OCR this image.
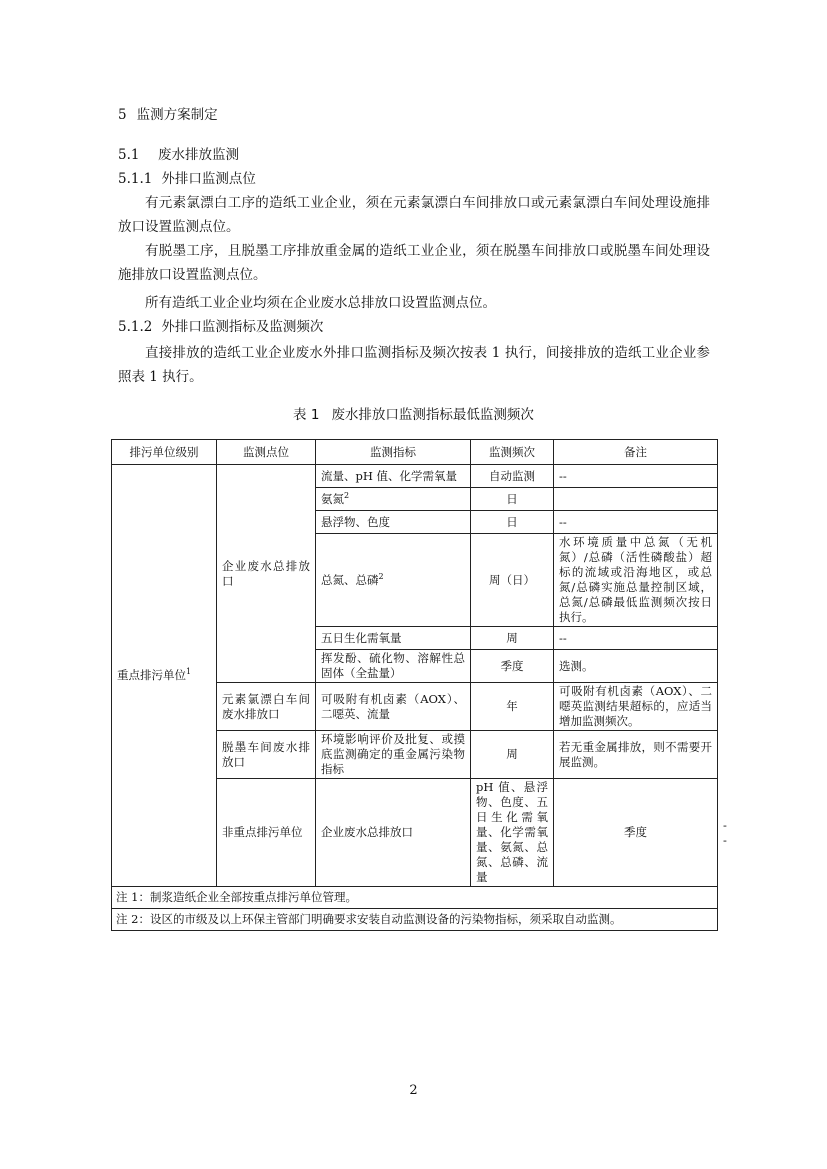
5 监测方案制定
5.1 废水排放监测
5.1.1 外排口监测点位
有元素氯漂白工序的造纸工业企业，须在元素氯漂白车间排放口或元素氯漂白车间处理设施排放口设置监测点位。
有脱墨工序，且脱墨工序排放重金属的造纸工业企业，须在脱墨车间排放口或脱墨车间处理设施排放口设置监测点位。
所有造纸工业企业均须在企业废水总排放口设置监测点位。
5.1.2 外排口监测指标及监测频次
直接排放的造纸工业企业废水外排口监测指标及频次按表 1 执行，间接排放的造纸工业企业参照表 1 执行。
表 1 废水排放口监测指标最低监测频次
排污单位级别	监测点位	监测指标	监测频次	备注	
重点排污单位$^1$	企业废水总排放口	流量、pH 值、化学需氧量	自动监测	--	
		氨氮$^2$	日		
		悬浮物、色度	日	--	
		总氮、总磷$^2$	周（日）	水环境质量中总氮（无机氮）/总磷（活性磷酸盐）超标的流域或沿海地区，或总氮/总磷实施总量控制区域，总氮/总磷最低监测频次按日执行。	
		五日生化需氧量	周	--	
		挥发酚、硫化物、溶解性总固体（全盐量）	季度	选测。	
	元素氯漂白车间废水排放口	可吸附有机卤素（AOX）、二噁英、流量	年	可吸附有机卤素（AOX）、二噁英监测结果超标的，应适当增加监测频次。	
	脱墨车间废水排放口	环境影响评价及批复、或摸底监测确定的重金属污染物指标	周	若无重金属排放，则不需要开展监测。	
	非重点排污单位	企业废水总排放口	pH 值、悬浮物、色度、五日生化需氧量、化学需氧量、氨氮、总氮、总磷、流量	季度	--
注 1：制浆造纸企业全部按重点排污单位管理。					
注 2：设区的市级及以上环保主管部门明确要求安装自动监测设备的污染物指标，须采取自动监测。					
2
